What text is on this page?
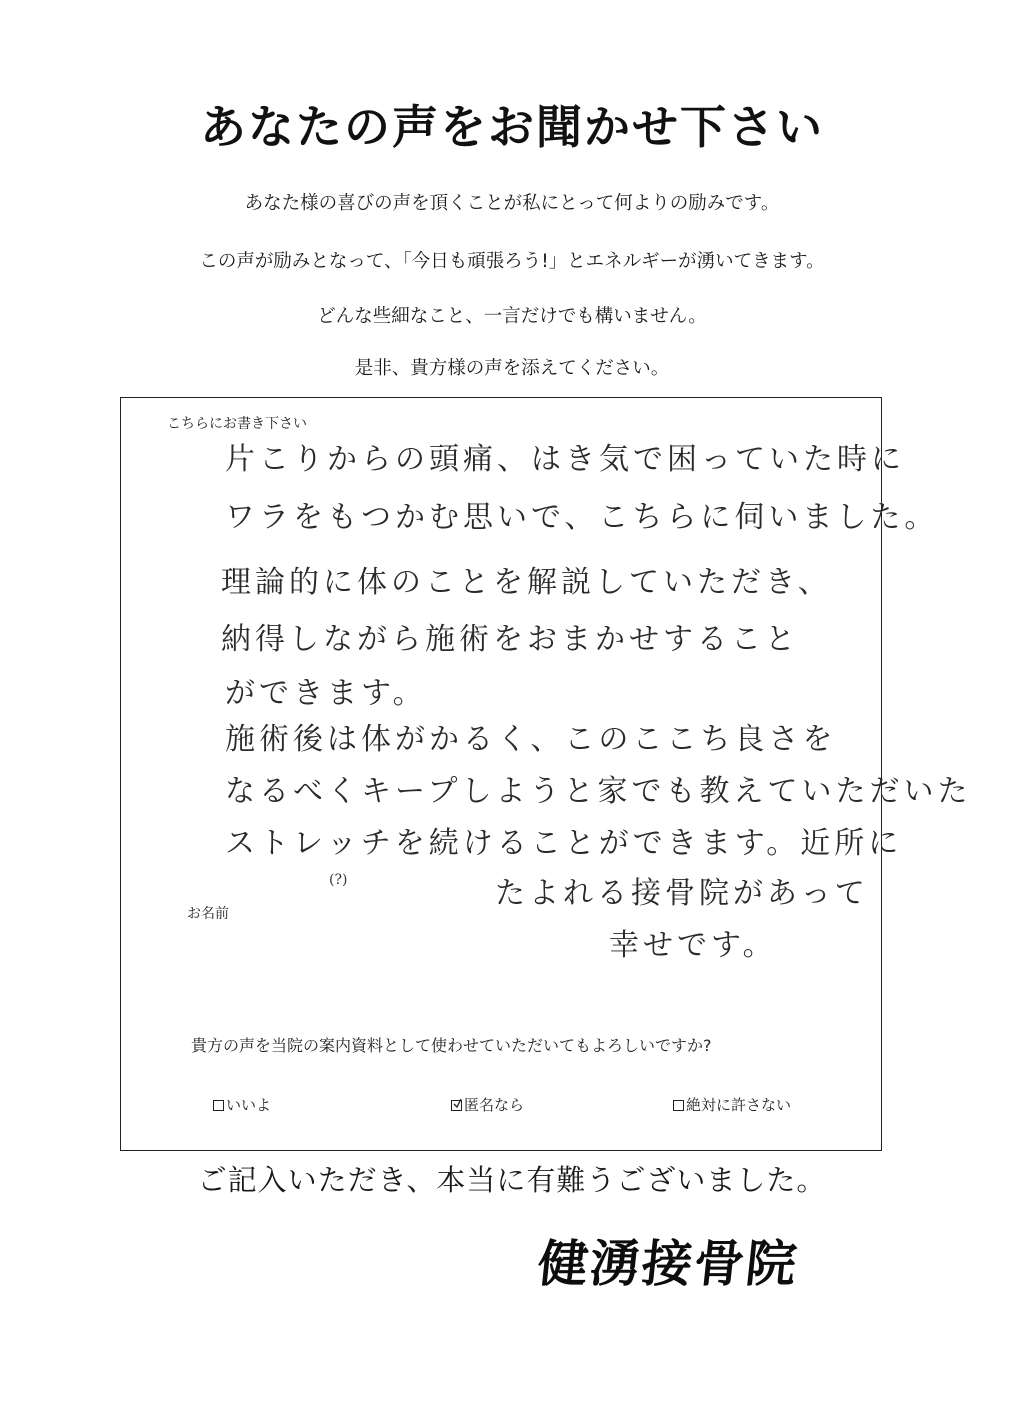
あなたの声をお聞かせ下さい
あなた様の喜びの声を頂くことが私にとって何よりの励みです。
この声が励みとなって、「今日も頑張ろう!」とエネルギーが湧いてきます。
どんな些細なこと、一言だけでも構いません。
是非、貴方様の声を添えてください。
こちらにお書き下さい
片こりからの頭痛、はき気で困っていた時に
ワラをもつかむ思いで、こちらに伺いました。
理論的に体のことを解説していただき、
納得しながら施術をおまかせすること
ができます。
施術後は体がかるく、このここち良さを
なるべくキープしようと家でも教えていただいた
ストレッチを続けることができます。近所に
(?)	たよれる接骨院があって
幸せです。
お名前
貴方の声を当院の案内資料として使わせていただいてもよろしいですか?
いいよ	匿名なら	絶対に許さない
ご記入いただき、本当に有難うございました。
健湧接骨院
